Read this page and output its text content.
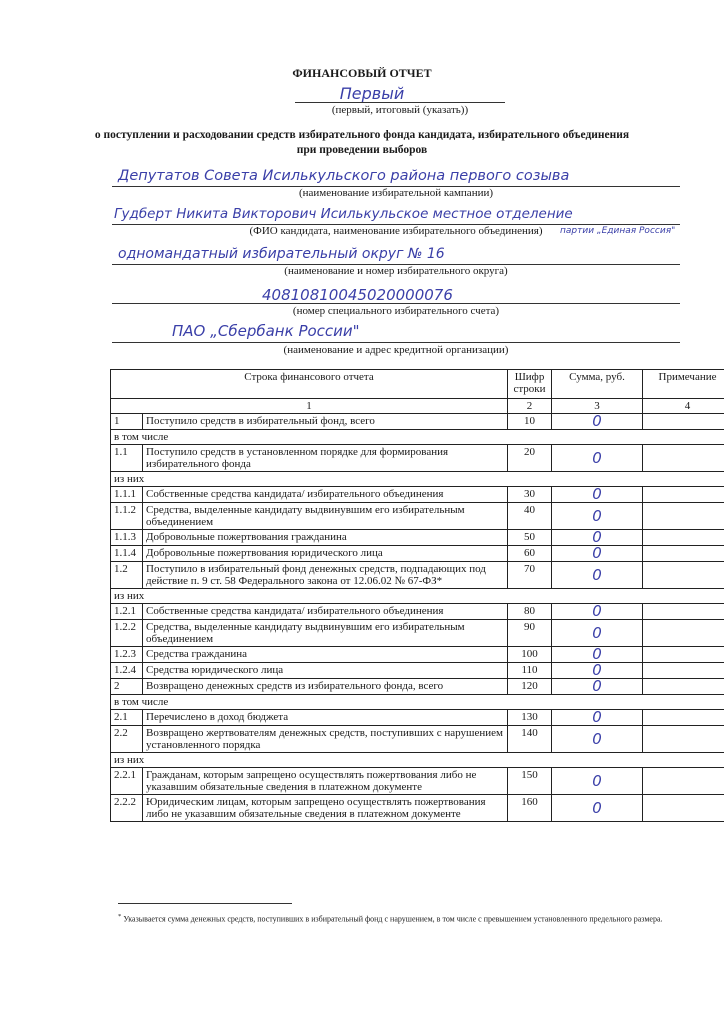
ФИНАНСОВЫЙ ОТЧЕТ
Первый
(первый, итоговый (указать))
о поступлении и расходовании средств избирательного фонда кандидата, избирательного объединения
при проведении выборов
Депутатов Совета Исилькульского района первого созыва
(наименование избирательной кампании)
Гудберт Никита Викторович Исилькульское местное отделение
партии „Единая Россия"
(ФИО кандидата, наименование избирательного объединения)
одномандатный избирательный округ № 16
(наименование и номер избирательного округа)
40810810045020000076
(номер специального избирательного счета)
ПАО „Сбербанк России"
(наименование и адрес кредитной организации)
Строка финансового отчета		Шифр строки	Сумма, руб.	Примечание
1		2	3	4
1	Поступило средств в избирательный фонд, всего	10	0	
в том числе				
1.1	Поступило средств в установленном порядке для формирования избирательного фонда	20	0	
из них				
1.1.1	Собственные средства кандидата/ избирательного объединения	30	0	
1.1.2	Средства, выделенные кандидату выдвинувшим его избирательным объединением	40	0	
1.1.3	Добровольные пожертвования гражданина	50	0	
1.1.4	Добровольные пожертвования юридического лица	60	0	
1.2	Поступило в избирательный фонд денежных средств, подпадающих под действие п. 9 ст. 58 Федерального закона от 12.06.02 № 67-ФЗ*	70	0	
из них				
1.2.1	Собственные средства кандидата/ избирательного объединения	80	0	
1.2.2	Средства, выделенные кандидату выдвинувшим его избирательным объединением	90	0	
1.2.3	Средства гражданина	100	0	
1.2.4	Средства юридического лица	110	0	
2	Возвращено денежных средств из избирательного фонда, всего	120	0	
в том числе				
2.1	Перечислено в доход бюджета	130	0	
2.2	Возвращено жертвователям денежных средств, поступивших с нарушением установленного порядка	140	0	
из них				
2.2.1	Гражданам, которым запрещено осуществлять пожертвования либо не указавшим обязательные сведения в платежном документе	150	0	
2.2.2	Юридическим лицам, которым запрещено осуществлять пожертвования либо не указавшим обязательные сведения в платежном документе	160	0	
* Указывается сумма денежных средств, поступивших в избирательный фонд с нарушением, в том числе с превышением установленного предельного размера.
